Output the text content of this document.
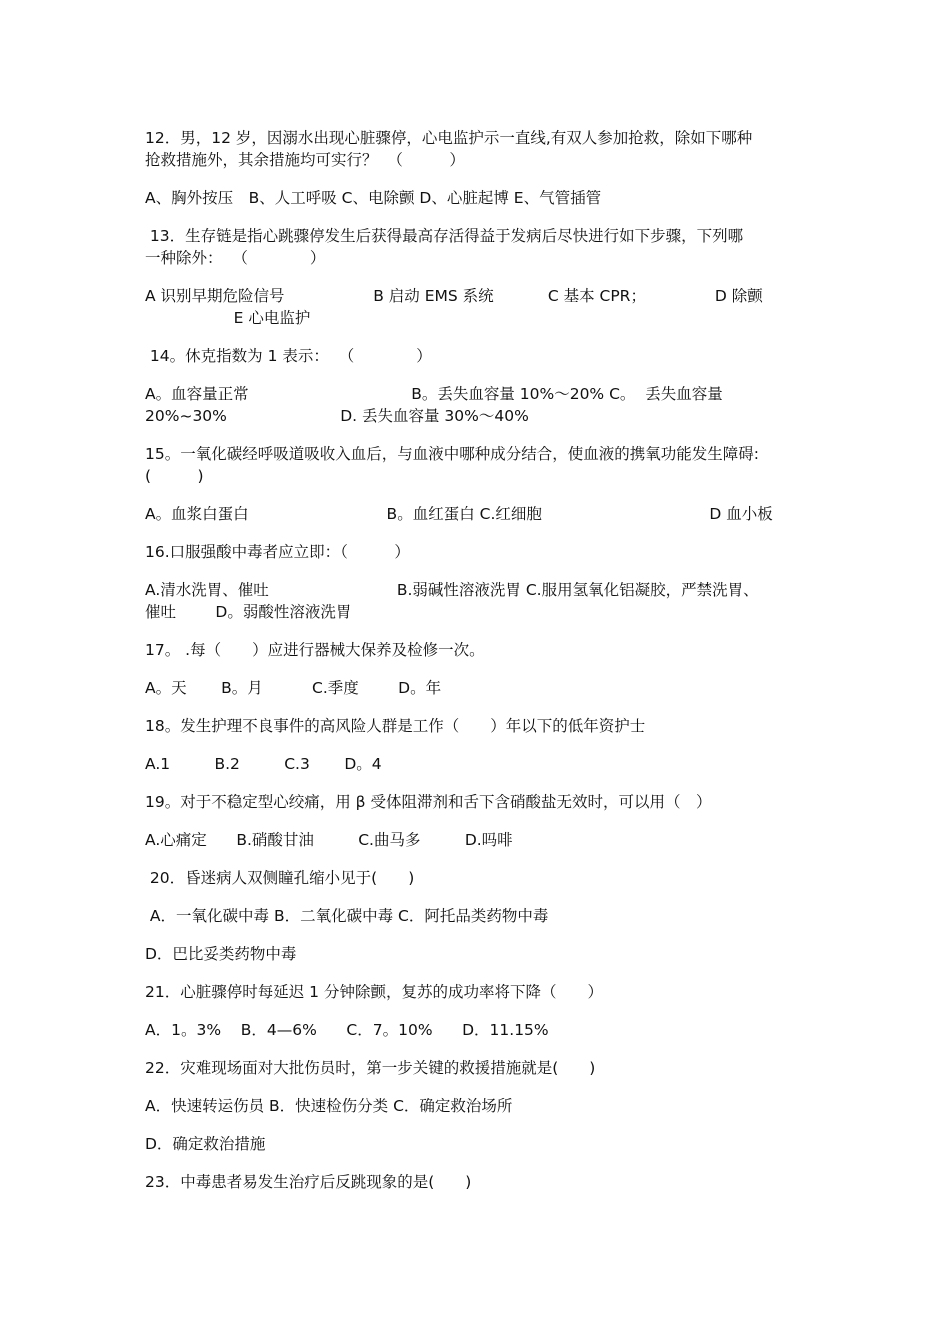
12．男，12 岁，因溺水出现心脏骤停，心电监护示一直线,有双人参加抢救，除如下哪种

抢救措施外，其余措施均可实行？  （　　　）

A、胸外按压　B、人工呼吸 C、电除颤 D、心脏起博 E、气管插管

13．生存链是指心跳骤停发生后获得最高存活得益于发病后尽快进行如下步骤，下列哪

一种除外：  （　　　　）

A 识别早期危险信号                  B 启动 EMS 系统           C 基本 CPR；              D 除颤

E 心电监护

14。休克指数为 1 表示：  （　　　　）

A。血容量正常                                 B。丢失血容量 10%～20% C。  丢失血容量

20%~30%                       D. 丢失血容量 30%～40%

15。一氧化碳经呼吸道吸收入血后，与血液中哪种成分结合，使血液的携氧功能发生障碍:

(　　　)

A。血浆白蛋白                            B。血红蛋白 C.红细胞                                  D 血小板

16.口服强酸中毒者应立即：（　　　）

A.清水洗胃、催吐                          B.弱碱性溶液洗胃 C.服用氢氧化铝凝胶，严禁洗胃、

催吐        D。弱酸性溶液洗胃

17。 .每（　　）应进行器械大保养及检修一次。

A。天       B。月          C.季度        D。年

18。发生护理不良事件的高风险人群是工作（　　）年以下的低年资护士

A.1         B.2         C.3       D。4

19。对于不稳定型心绞痛，用 β 受体阻滞剂和舌下含硝酸盐无效时，可以用（　）

A.心痛定      B.硝酸甘油         C.曲马多         D.吗啡

20．昏迷病人双侧瞳孔缩小见于(　　)

A．一氧化碳中毒 B．二氧化碳中毒 C．阿托品类药物中毒

D．巴比妥类药物中毒

21．心脏骤停时每延迟 1 分钟除颤，复苏的成功率将下降（　　）

A．1。3%    B．4—6%      C．7。10%      D．11.15%

22．灾难现场面对大批伤员时，第一步关键的救援措施就是(　　)

A．快速转运伤员 B．快速检伤分类 C．确定救治场所

D．确定救治措施

23．中毒患者易发生治疗后反跳现象的是(　　)
